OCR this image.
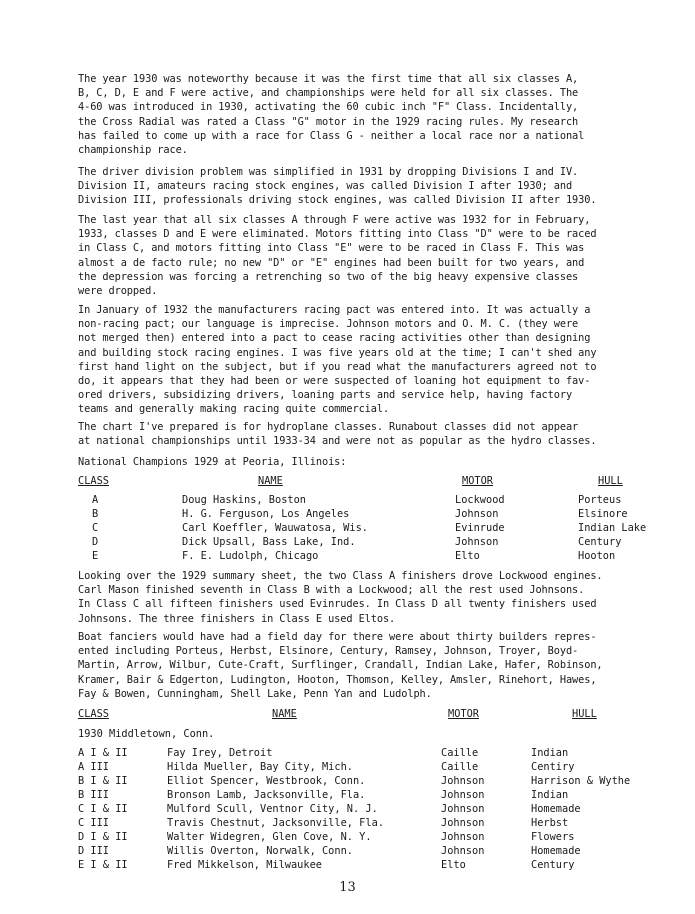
The year 1930 was noteworthy because it was the first time that all six classes A,
B, C, D, E and F were active, and championships were held for all six classes. The
4-60 was introduced in 1930, activating the 60 cubic inch "F" Class. Incidentally,
the Cross Radial was rated a Class "G" motor in the 1929 racing rules. My research
has failed to come up with a race for Class G - neither a local race nor a national
championship race.

The driver division problem was simplified in 1931 by dropping Divisions I and IV.
Division II, amateurs racing stock engines, was called Division I after 1930; and
Division III, professionals driving stock engines, was called Division II after 1930.

The last year that all six classes A through F were active was 1932 for in February,
1933, classes D and E were eliminated. Motors fitting into Class "D" were to be raced
in Class C, and motors fitting into Class "E" were to be raced in Class F. This was
almost a de facto rule; no new "D" or "E" engines had been built for two years, and
the depression was forcing a retrenching so two of the big heavy expensive classes
were dropped.

In January of 1932 the manufacturers racing pact was entered into. It was actually a
non-racing pact; our language is imprecise. Johnson motors and O. M. C. (they were
not merged then) entered into a pact to cease racing activities other than designing
and building stock racing engines. I was five years old at the time; I can't shed any
first hand light on the subject, but if you read what the manufacturers agreed not to
do, it appears that they had been or were suspected of loaning hot equipment to fav-
ored drivers, subsidizing drivers, loaning parts and service help, having factory
teams and generally making racing quite commercial.

The chart I've prepared is for hydroplane classes. Runabout classes did not appear
at national championships until 1933-34 and were not as popular as the hydro classes.

National Champions 1929 at Peoria, Illinois:

CLASS	NAME	MOTOR	HULL
A	Doug Haskins, Boston	Lockwood	Porteus
B	H. G. Ferguson, Los Angeles	Johnson	Elsinore
C	Carl Koeffler, Wauwatosa, Wis.	Evinrude	Indian Lake
D	Dick Upsall, Bass Lake, Ind.	Johnson	Century
E	F. E. Ludolph, Chicago	Elto	Hooton

Looking over the 1929 summary sheet, the two Class A finishers drove Lockwood engines.
Carl Mason finished seventh in Class B with a Lockwood; all the rest used Johnsons.
In Class C all fifteen finishers used Evinrudes. In Class D all twenty finishers used
Johnsons. The three finishers in Class E used Eltos.

Boat fanciers would have had a field day for there were about thirty builders repres-
ented including Porteus, Herbst, Elsinore, Century, Ramsey, Johnson, Troyer, Boyd-
Martin, Arrow, Wilbur, Cute-Craft, Surflinger, Crandall, Indian Lake, Hafer, Robinson,
Kramer, Bair & Edgerton, Ludington, Hooton, Thomson, Kelley, Amsler, Rinehort, Hawes,
Fay & Bowen, Cunningham, Shell Lake, Penn Yan and Ludolph.

CLASS	NAME	MOTOR	HULL
1930 Middletown, Conn.
A I & II	Fay Irey, Detroit	Caille	Indian
A III	Hilda Mueller, Bay City, Mich.	Caille	Centiry
B I & II	Elliot Spencer, Westbrook, Conn.	Johnson	Harrison & Wythe
B III	Bronson Lamb, Jacksonville, Fla.	Johnson	Indian
C I & II	Mulford Scull, Ventnor City, N. J.	Johnson	Homemade
C III	Travis Chestnut, Jacksonville, Fla.	Johnson	Herbst
D I & II	Walter Widegren, Glen Cove, N. Y.	Johnson	Flowers
D III	Willis Overton, Norwalk, Conn.	Johnson	Homemade
E I & II	Fred Mikkelson, Milwaukee	Elto	Century
13
